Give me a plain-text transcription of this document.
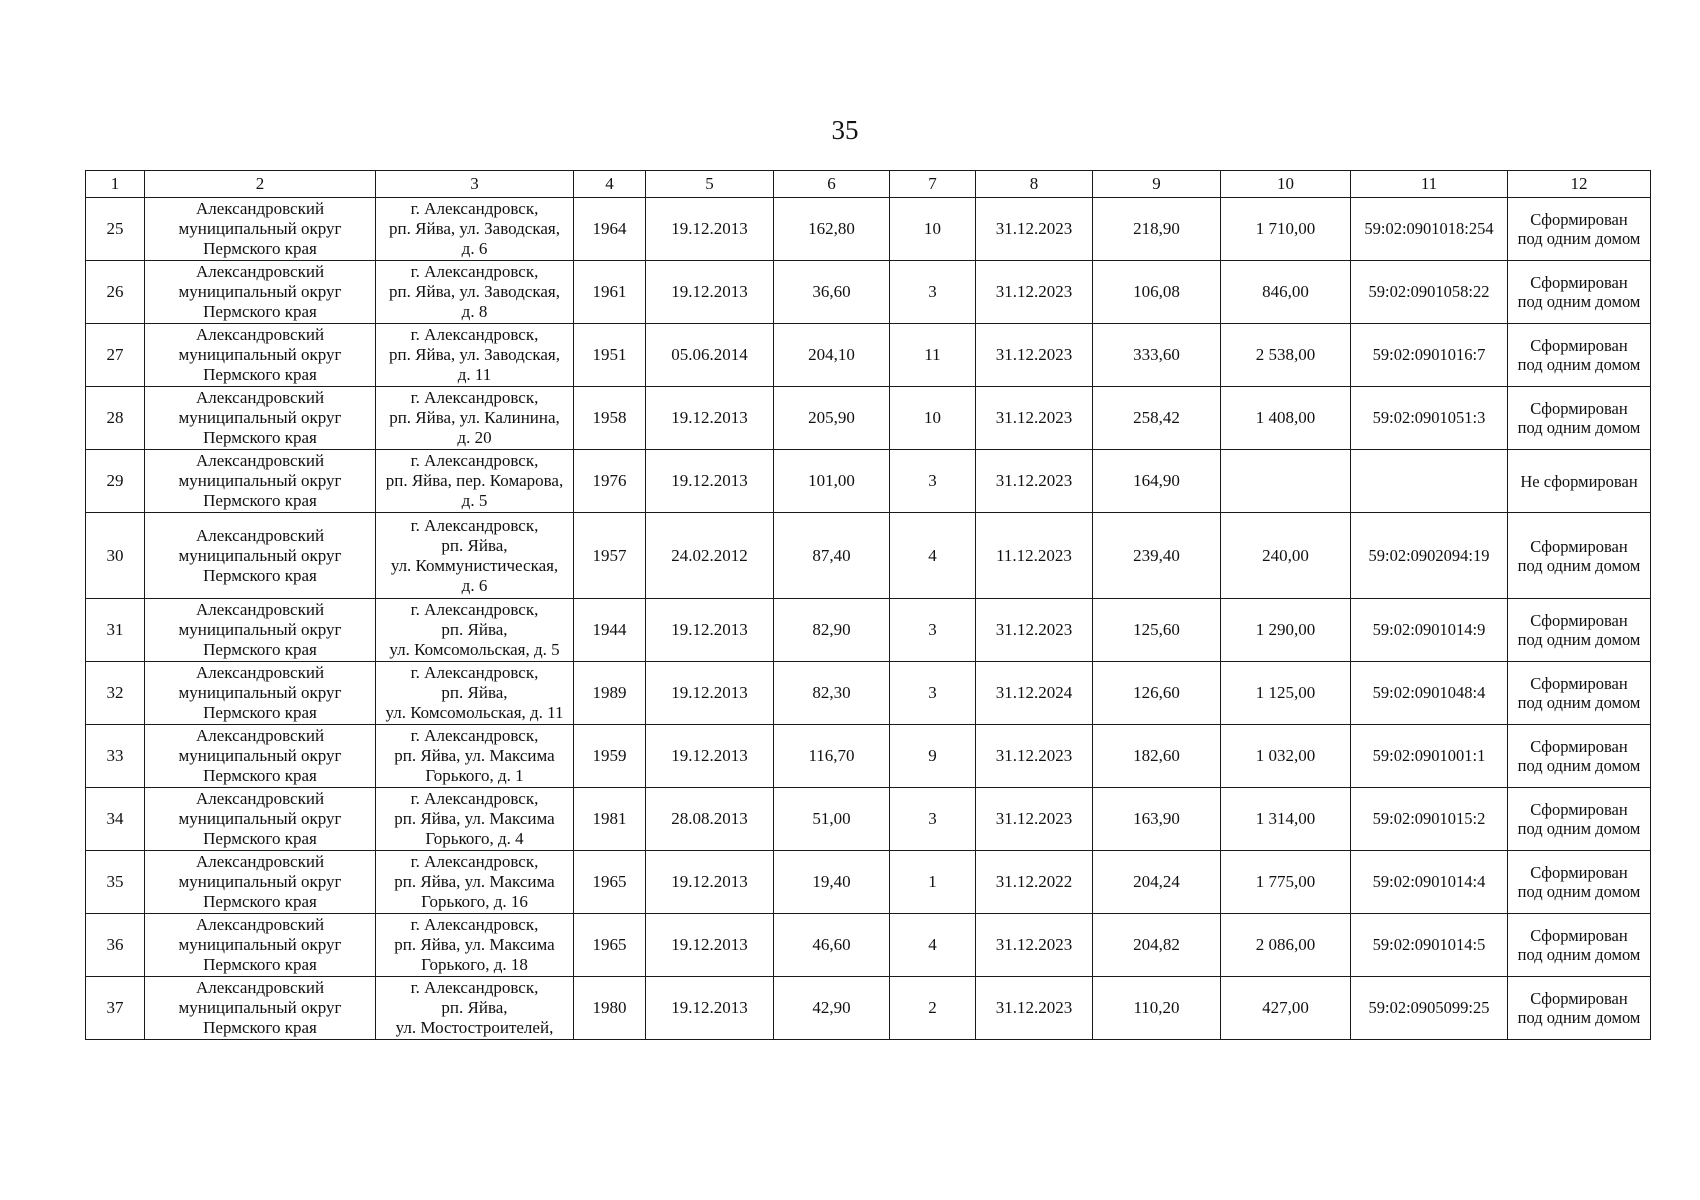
35
1	2	3	4	5	6	7	8	9	10	11	12
25	Александровский
муниципальный округ
Пермского края	г. Александровск,
рп. Яйва, ул. Заводская,
д. 6	1964	19.12.2013	162,80	10	31.12.2023	218,90	1 710,00	59:02:0901018:254	Сформирован
под одним домом

26	Александровский
муниципальный округ
Пермского края	г. Александровск,
рп. Яйва, ул. Заводская,
д. 8	1961	19.12.2013	36,60	3	31.12.2023	106,08	846,00	59:02:0901058:22	Сформирован
под одним домом

27	Александровский
муниципальный округ
Пермского края	г. Александровск,
рп. Яйва, ул. Заводская,
д. 11	1951	05.06.2014	204,10	11	31.12.2023	333,60	2 538,00	59:02:0901016:7	Сформирован
под одним домом

28	Александровский
муниципальный округ
Пермского края	г. Александровск,
рп. Яйва, ул. Калинина,
д. 20	1958	19.12.2013	205,90	10	31.12.2023	258,42	1 408,00	59:02:0901051:3	Сформирован
под одним домом

29	Александровский
муниципальный округ
Пермского края	г. Александровск,
рп. Яйва, пер. Комарова,
д. 5	1976	19.12.2013	101,00	3	31.12.2023	164,90			Не сформирован

30	Александровский
муниципальный округ
Пермского края	г. Александровск,
рп. Яйва,
ул. Коммунистическая,
д. 6	1957	24.02.2012	87,40	4	11.12.2023	239,40	240,00	59:02:0902094:19	Сформирован
под одним домом

31	Александровский
муниципальный округ
Пермского края	г. Александровск,
рп. Яйва,
ул. Комсомольская, д. 5	1944	19.12.2013	82,90	3	31.12.2023	125,60	1 290,00	59:02:0901014:9	Сформирован
под одним домом

32	Александровский
муниципальный округ
Пермского края	г. Александровск,
рп. Яйва,
ул. Комсомольская, д. 11	1989	19.12.2013	82,30	3	31.12.2024	126,60	1 125,00	59:02:0901048:4	Сформирован
под одним домом

33	Александровский
муниципальный округ
Пермского края	г. Александровск,
рп. Яйва, ул. Максима
Горького, д. 1	1959	19.12.2013	116,70	9	31.12.2023	182,60	1 032,00	59:02:0901001:1	Сформирован
под одним домом

34	Александровский
муниципальный округ
Пермского края	г. Александровск,
рп. Яйва, ул. Максима
Горького, д. 4	1981	28.08.2013	51,00	3	31.12.2023	163,90	1 314,00	59:02:0901015:2	Сформирован
под одним домом

35	Александровский
муниципальный округ
Пермского края	г. Александровск,
рп. Яйва, ул. Максима
Горького, д. 16	1965	19.12.2013	19,40	1	31.12.2022	204,24	1 775,00	59:02:0901014:4	Сформирован
под одним домом

36	Александровский
муниципальный округ
Пермского края	г. Александровск,
рп. Яйва, ул. Максима
Горького, д. 18	1965	19.12.2013	46,60	4	31.12.2023	204,82	2 086,00	59:02:0901014:5	Сформирован
под одним домом

37	Александровский
муниципальный округ
Пермского края	г. Александровск,
рп. Яйва,
ул. Мостостроителей,	1980	19.12.2013	42,90	2	31.12.2023	110,20	427,00	59:02:0905099:25	Сформирован
под одним домом
